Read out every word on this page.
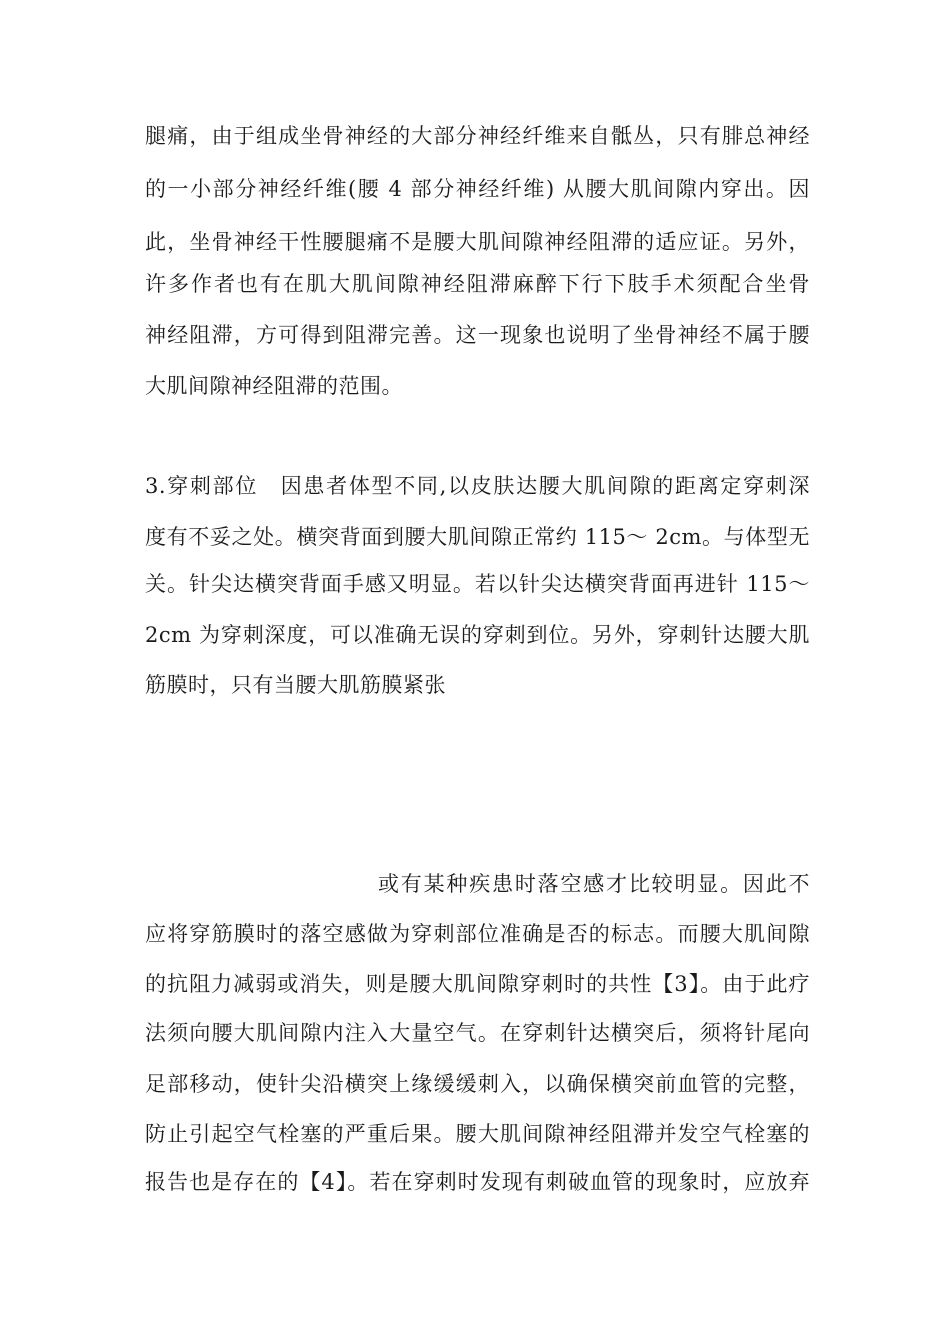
腿痛，由于组成坐骨神经的大部分神经纤维来自骶丛，只有腓总神经
的一小部分神经纤维(腰 4 部分神经纤维) 从腰大肌间隙内穿出。因
此，坐骨神经干性腰腿痛不是腰大肌间隙神经阻滞的适应证。另外，
许多作者也有在肌大肌间隙神经阻滞麻醉下行下肢手术须配合坐骨
神经阻滞，方可得到阻滞完善。这一现象也说明了坐骨神经不属于腰
大肌间隙神经阻滞的范围。
3.穿刺部位　因患者体型不同,以皮肤达腰大肌间隙的距离定穿刺深
度有不妥之处。横突背面到腰大肌间隙正常约 115～ 2cm。与体型无
关。针尖达横突背面手感又明显。若以针尖达横突背面再进针 115～
2cm 为穿刺深度，可以准确无误的穿刺到位。另外，穿刺针达腰大肌
筋膜时，只有当腰大肌筋膜紧张
或有某种疾患时落空感才比较明显。因此不
应将穿筋膜时的落空感做为穿刺部位准确是否的标志。而腰大肌间隙
的抗阻力减弱或消失，则是腰大肌间隙穿刺时的共性【3】。由于此疗
法须向腰大肌间隙内注入大量空气。在穿刺针达横突后，须将针尾向
足部移动，使针尖沿横突上缘缓缓刺入，以确保横突前血管的完整，
防止引起空气栓塞的严重后果。腰大肌间隙神经阻滞并发空气栓塞的
报告也是存在的【4】。若在穿刺时发现有刺破血管的现象时，应放弃
